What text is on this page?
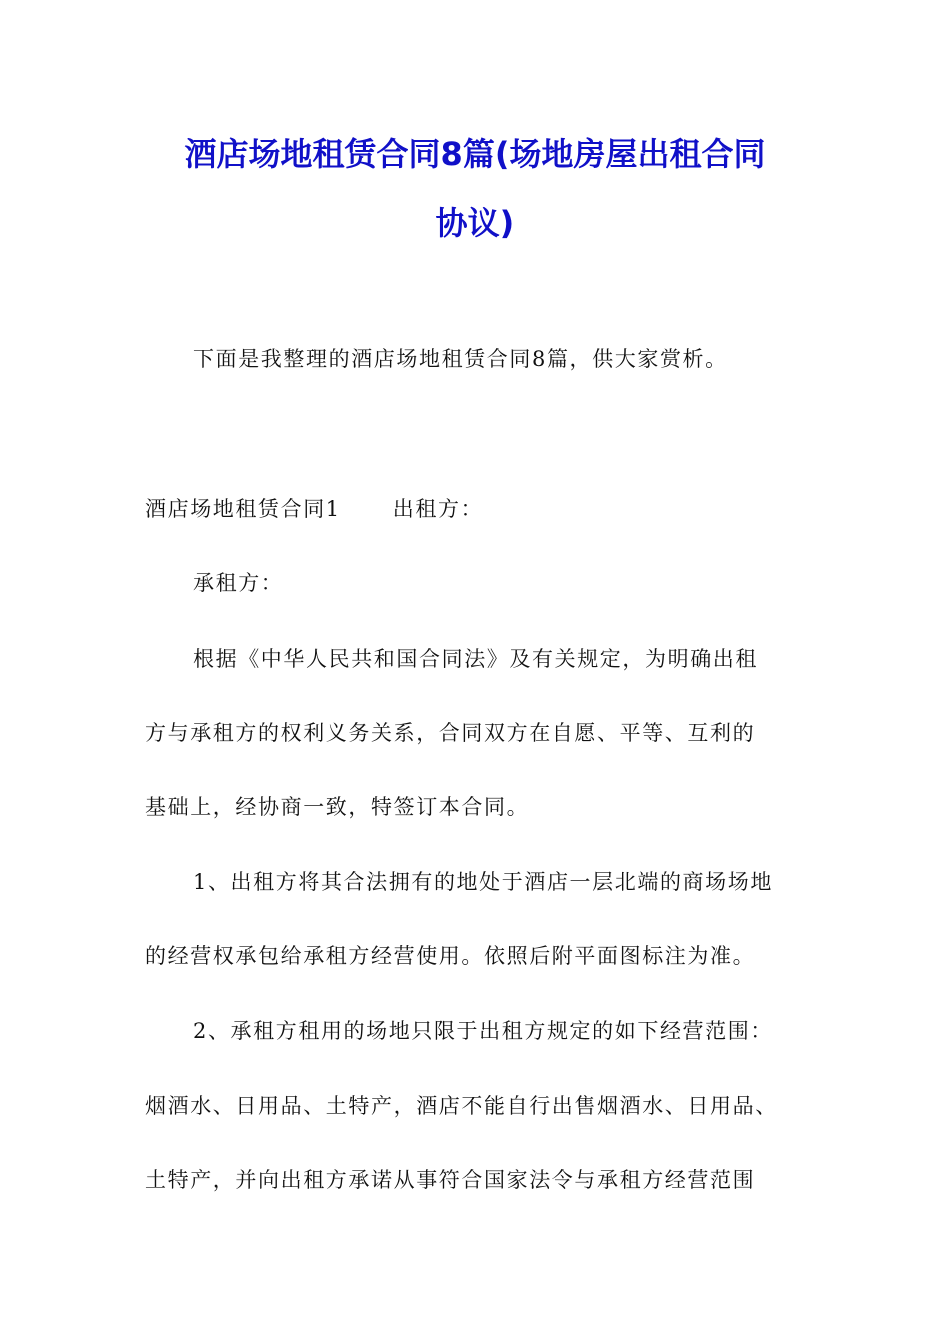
酒店场地租赁合同8篇(场地房屋出租合同
协议)
下面是我整理的酒店场地租赁合同8篇，供大家赏析。
酒店场地租赁合同1 出租方：
承租方：
根据《中华人民共和国合同法》及有关规定，为明确出租
方与承租方的权利义务关系，合同双方在自愿、平等、互利的
基础上，经协商一致，特签订本合同。
1、出租方将其合法拥有的地处于酒店一层北端的商场场地
的经营权承包给承租方经营使用。依照后附平面图标注为准。
2、承租方租用的场地只限于出租方规定的如下经营范围：
烟酒水、日用品、土特产，酒店不能自行出售烟酒水、日用品、
土特产，并向出租方承诺从事符合国家法令与承租方经营范围
